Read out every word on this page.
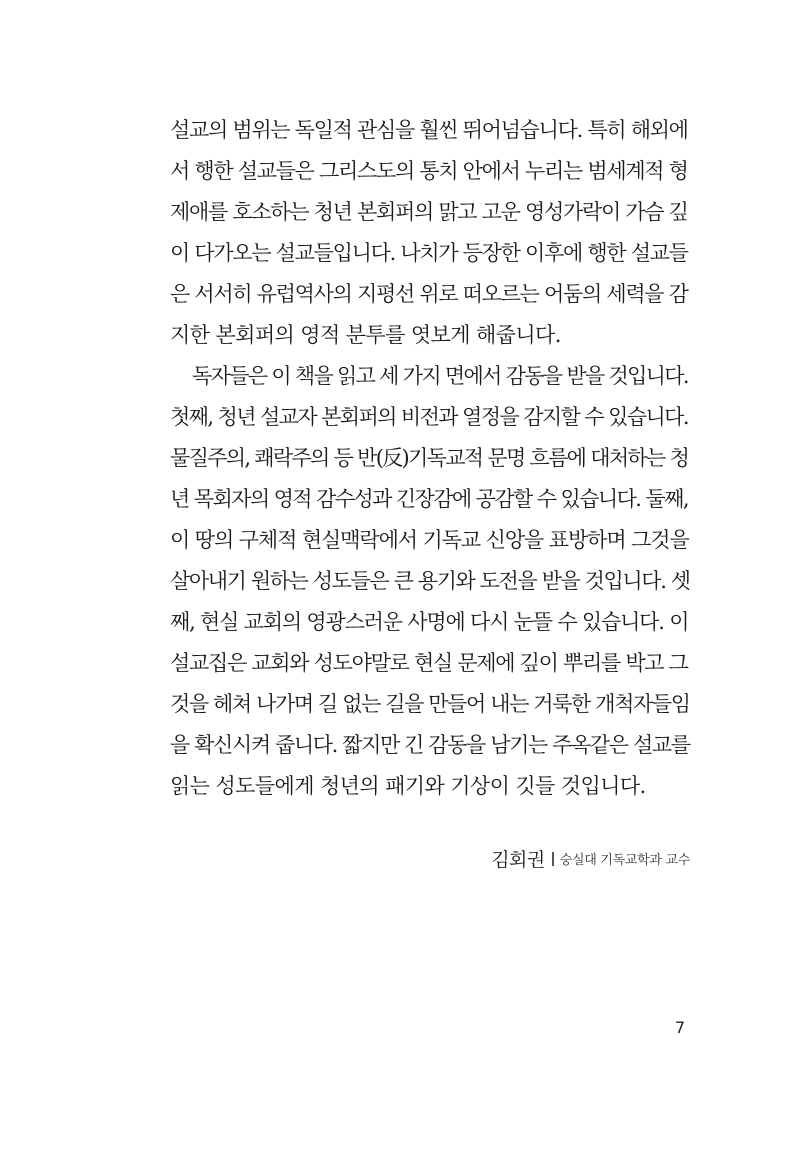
설교의 범위는 독일적 관심을 훨씬 뛰어넘습니다. 특히 해외에
서 행한 설교들은 그리스도의 통치 안에서 누리는 범세계적 형
제애를 호소하는 청년 본회퍼의 맑고 고운 영성가락이 가슴 깊
이 다가오는 설교들입니다. 나치가 등장한 이후에 행한 설교들
은 서서히 유럽역사의 지평선 위로 떠오르는 어둠의 세력을 감
지한 본회퍼의 영적 분투를 엿보게 해줍니다.
독자들은 이 책을 읽고 세 가지 면에서 감동을 받을 것입니다.
첫째, 청년 설교자 본회퍼의 비전과 열정을 감지할 수 있습니다.
물질주의, 쾌락주의 등 반(反)기독교적 문명 흐름에 대처하는 청
년 목회자의 영적 감수성과 긴장감에 공감할 수 있습니다. 둘째,
이 땅의 구체적 현실맥락에서 기독교 신앙을 표방하며 그것을
살아내기 원하는 성도들은 큰 용기와 도전을 받을 것입니다. 셋
째, 현실 교회의 영광스러운 사명에 다시 눈뜰 수 있습니다. 이
설교집은 교회와 성도야말로 현실 문제에 깊이 뿌리를 박고 그
것을 헤쳐 나가며 길 없는 길을 만들어 내는 거룩한 개척자들임
을 확신시켜 줍니다. 짧지만 긴 감동을 남기는 주옥같은 설교를
읽는 성도들에게 청년의 패기와 기상이 깃들 것입니다.
김회권 숭실대 기독교학과 교수
7
